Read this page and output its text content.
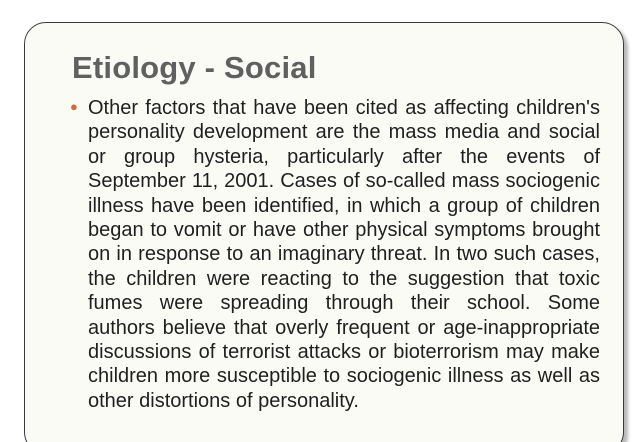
Etiology - Social
● Other factors that have been cited as affecting children's personality development are the mass media and social or group hysteria, particularly after the events of September 11, 2001. Cases of so-called mass sociogenic illness have been identified, in which a group of children began to vomit or have other physical symptoms brought on in response to an imaginary threat. In two such cases, the children were reacting to the suggestion that toxic fumes were spreading through their school. Some authors believe that overly frequent or age-inappropriate discussions of terrorist attacks or bioterrorism may make children more susceptible to sociogenic illness as well as other distortions of personality.
